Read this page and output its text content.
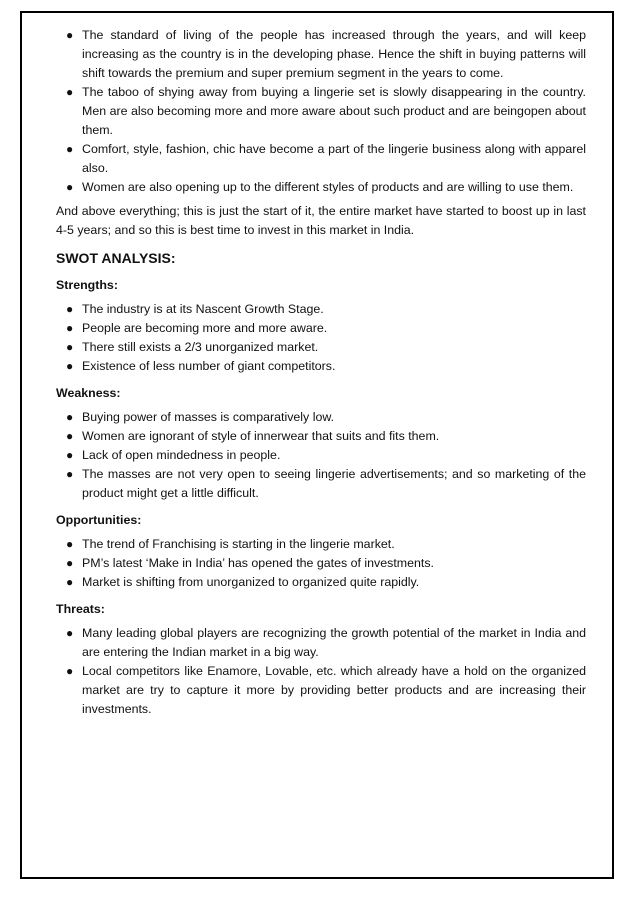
● The standard of living of the people has increased through the years, and will keep increasing as the country is in the developing phase. Hence the shift in buying patterns will shift towards the premium and super premium segment in the years to come.
● The taboo of shying away from buying a lingerie set is slowly disappearing in the country. Men are also becoming more and more aware about such product and are beingopen about them.
● Comfort, style, fashion, chic have become a part of the lingerie business along with apparel also.
● Women are also opening up to the different styles of products and are willing to use them.

And above everything; this is just the start of it, the entire market have started to boost up in last 4-5 years; and so this is best time to invest in this market in India.

SWOT ANALYSIS:
Strengths:
● The industry is at its Nascent Growth Stage.
● People are becoming more and more aware.
● There still exists a 2/3 unorganized market.
● Existence of less number of giant competitors.
Weakness:
● Buying power of masses is comparatively low.
● Women are ignorant of style of innerwear that suits and fits them.
● Lack of open mindedness in people.
● The masses are not very open to seeing lingerie advertisements; and so marketing of the product might get a little difficult.
Opportunities:
● The trend of Franchising is starting in the lingerie market.
● PM’s latest ‘Make in India’ has opened the gates of investments.
● Market is shifting from unorganized to organized quite rapidly.
Threats:
● Many leading global players are recognizing the growth potential of the market in India and are entering the Indian market in a big way.
● Local competitors like Enamore, Lovable, etc. which already have a hold on the organized market are try to capture it more by providing better products and are increasing their investments.
